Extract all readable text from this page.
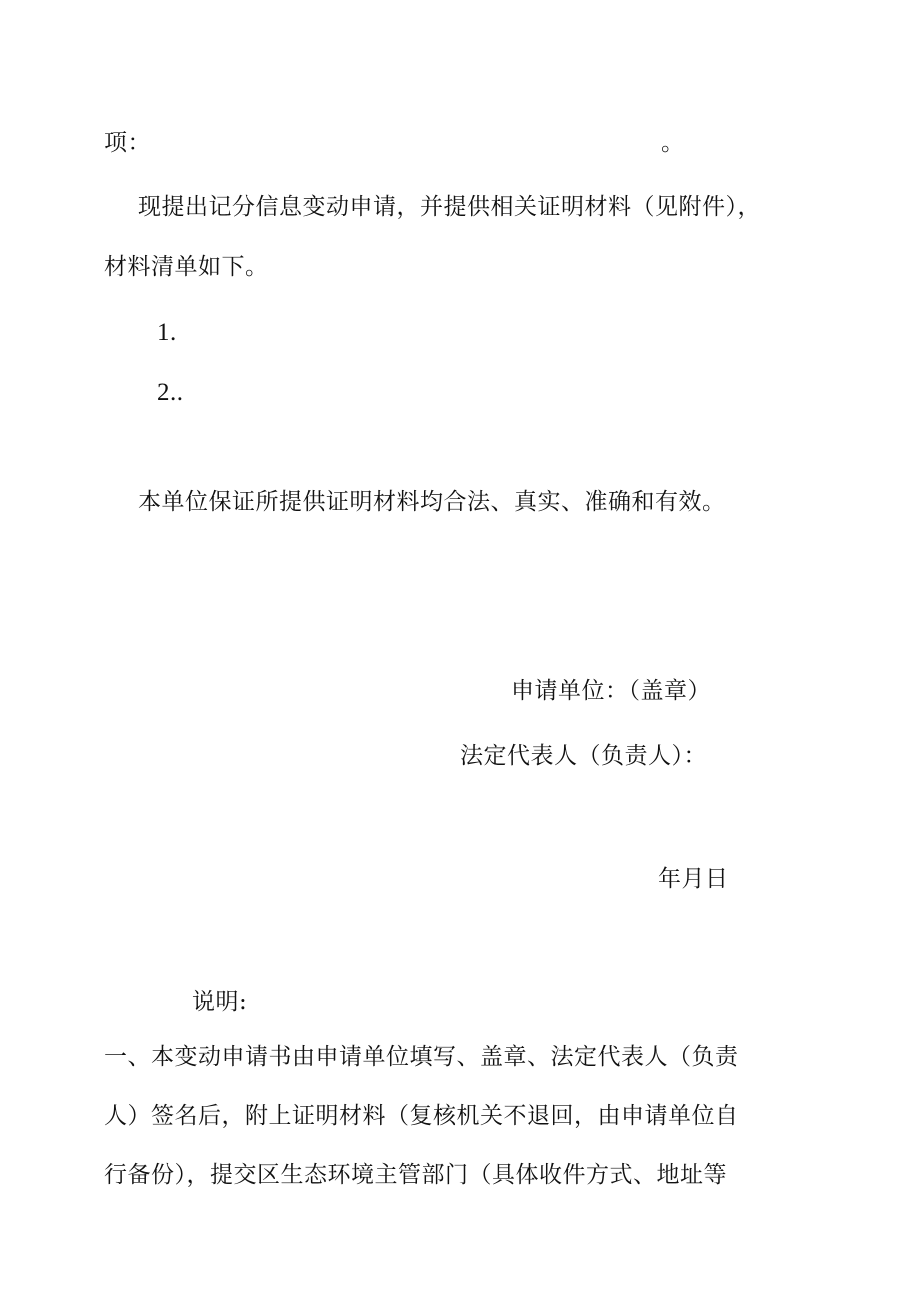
项：	。
现提出记分信息变动申请，并提供相关证明材料（见附件），
材料清单如下。
1.
2..
本单位保证所提供证明材料均合法、真实、准确和有效。
申请单位：（盖章）
法定代表人（负责人）：
年月日
说明:
一、本变动申请书由申请单位填写、盖章、法定代表人（负责
人）签名后，附上证明材料（复核机关不退回，由申请单位自
行备份），提交区生态环境主管部门（具体收件方式、地址等
